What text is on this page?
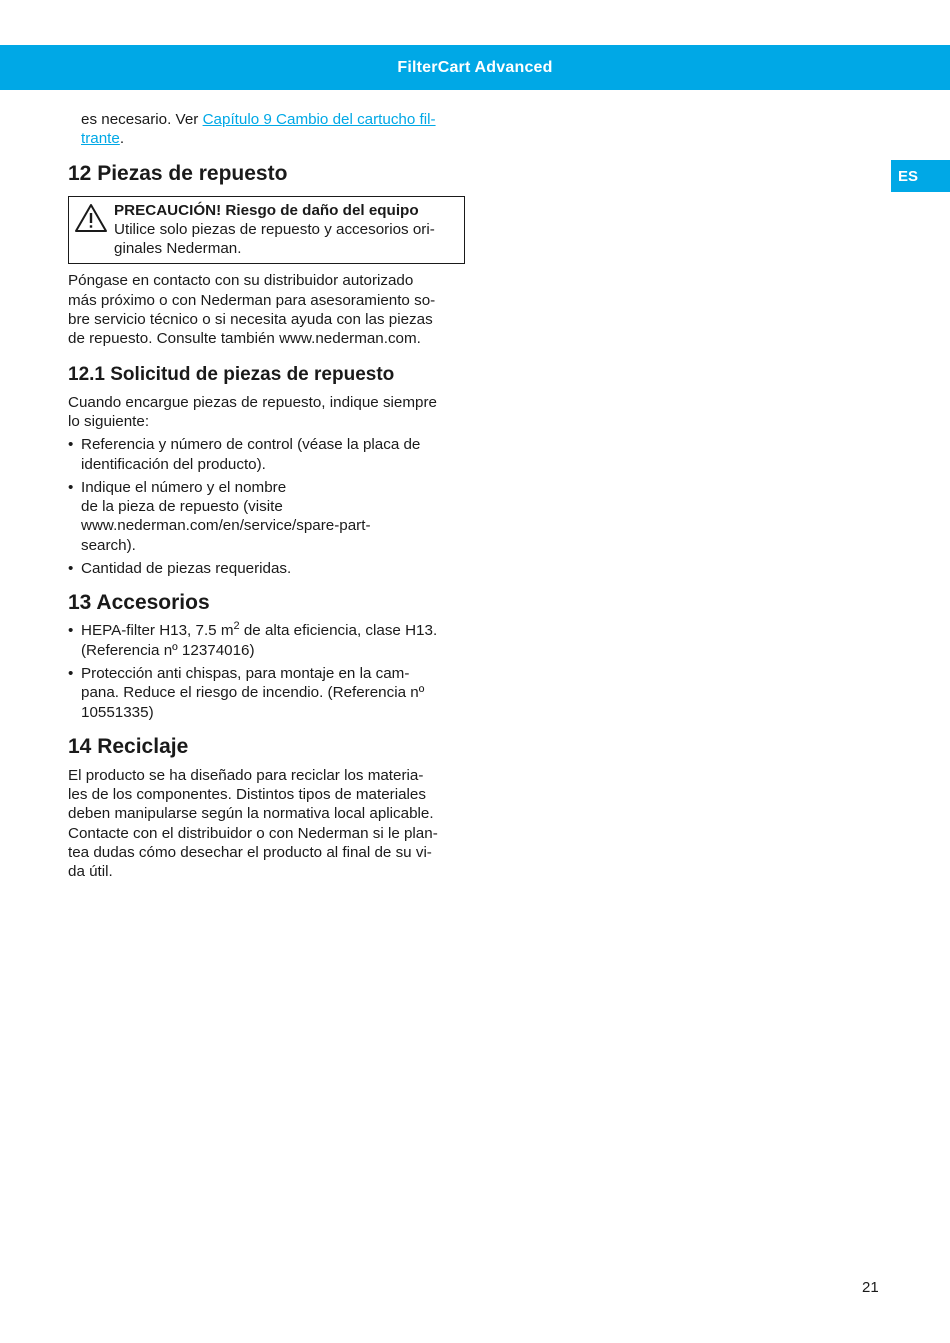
FilterCart Advanced
ES
es necesario. Ver Capítulo 9 Cambio del cartucho fil-
trante.
12 Piezas de repuesto
PRECAUCIÓN! Riesgo de daño del equipo
Utilice solo piezas de repuesto y accesorios ori-
ginales Nederman.
Póngase en contacto con su distribuidor autorizado
más próximo o con Nederman para asesoramiento so-
bre servicio técnico o si necesita ayuda con las piezas
de repuesto. Consulte también www.nederman.com.
12.1 Solicitud de piezas de repuesto
Cuando encargue piezas de repuesto, indique siempre
lo siguiente:
• Referencia y número de control (véase la placa de
identificación del producto).
• Indique el número y el nombre
de la pieza de repuesto (visite
www.nederman.com/en/service/spare-part-
search).
• Cantidad de piezas requeridas.
13 Accesorios
• HEPA-filter H13, 7.5 $m^2$ de alta eficiencia, clase H13.
(Referencia nº 12374016)
• Protección anti chispas, para montaje en la cam-
pana. Reduce el riesgo de incendio. (Referencia nº
10551335)
14 Reciclaje
El producto se ha diseñado para reciclar los materia-
les de los componentes. Distintos tipos de materiales
deben manipularse según la normativa local aplicable.
Contacte con el distribuidor o con Nederman si le plan-
tea dudas cómo desechar el producto al final de su vi-
da útil.
21
